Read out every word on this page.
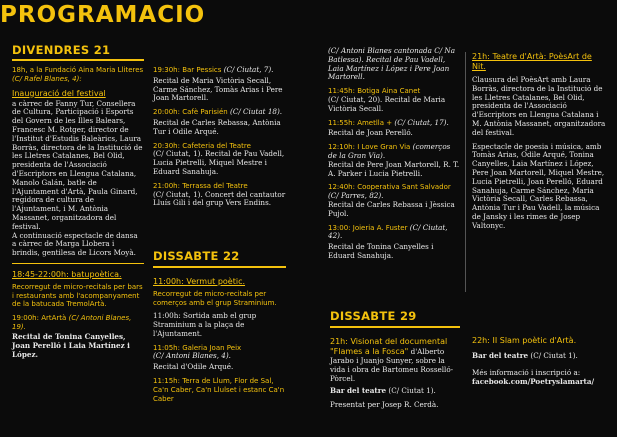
PROGRAMACIO
DIVENDRES 21

18h, a la Fundació Aina Maria Lliteres
(C/ Rafel Blanes, 4):

Inauguració del festival

a càrrec de Fanny Tur, Consellera de Cultura, Participació i Esports del Govern de les Illes Balears, Francesc M. Rotger, director de l'Institut d'Estudis Baleàrics, Laura Borràs, directora de la Institució de les Lletres Catalanes, Bel Olid, presidenta de l'Associació d'Escriptors en Llengua Catalana, Manolo Galán, batle de l'Ajuntament d'Artà, Paula Ginard, regidora de cultura de l'Ajuntament, i M. Antònia Massanet, organitzadora del festival.

A continuació espectacle de dansa a càrrec de Marga Llobera i brindis, gentilesa de Licors Moyà.

18:45-22:00h: batupoètica.

Recorregut de micro-recitals per bars i restaurants amb l'acompanyament de la batucada TremolArtà.

19:00h: ArtArtà (C/ Antoni Blanes, 19).

Recital de Tonina Canyelles, Joan Perelló i Laia Martínez i López.

19:30h: Bar Pessics (C/ Ciutat, 7).

Recital de Maria Victòria Secall, Carme Sánchez, Tomàs Arias i Pere Joan Martorell.

20:00h: Cafè Parisién (C/ Ciutat 18).

Recital de Carles Rebassa, Antònia Tur i Odile Arqué.

20:30h: Cafeteria del Teatre

(C/ Ciutat, 1). Recital de Pau Vadell, Lucia Pietrelli, Miquel Mestre i Eduard Sanahuja.

21:00h: Terrassa del Teatre

(C/ Ciutat, 1). Concert del cantautor Lluís Gili i del grup Vers Endins.

DISSABTE 22

11:00h: Vermut poètic.

Recorregut de micro-recitals per comerços amb el grup Straminium.

11:00h: Sortida amb el grup Straminium a la plaça de l'Ajuntament.

11:05h: Galeria Joan Peix
(C/ Antoni Blanes, 4).

Recital d'Odile Arqué.

11:15h: Terra de Llum, Flor de Sal, Ca'n Caber, Ca'n Llulset i estanc Ca'n Caber

(C/ Antoni Blanes cantonada C/ Na Batlessa). Recital de Pau Vadell, Laia Martínez i López i Pere Joan Martorell.

11:45h: Botiga Aina Canet

(C/ Ciutat, 20). Recital de Maria Victòria Secall.

11:55h: Ametlla + (C/ Ciutat, 17).

Recital de Joan Perelló.

12:10h: I Love Gran Via (comerços de la Gran Via).

Recital de Pere Joan Martorell, R. T. A. Parker i Lucia Pietrelli.

12:40h: Cooperativa Sant Salvador (C/ Parres, 82).

Recital de Carles Rebassa i Jèssica Pujol.

13:00: Joieria A. Fuster (C/ Ciutat, 42).

Recital de Tonina Canyelles i Eduard Sanahuja.

DISSABTE 29

21h: Visionat del documental "Flames a la Fosca" d'Alberto Jarabo i Juanjo Sunyer, sobre la vida i obra de Bartomeu Rosselló-Pòrcel.

Bar del teatre (C/ Ciutat 1).

Presentat per Josep R. Cerdà.

21h: Teatre d'Artà: PoèsArt de Nit.

Clausura del PoèsArt amb Laura Borràs, directora de la Institució de les Lletres Catalanes, Bel Olid, presidenta de l'Associació d'Escriptors en Llengua Catalana i M. Antònia Massanet, organitzadora del festival.

Espectacle de poesia i música, amb Tomàs Arias, Odile Arqué, Tonina Canyelles, Laia Martínez i López, Pere Joan Martorell, Miquel Mestre, Lucia Pietrelli, Joan Perelló, Eduard Sanahuja, Carme Sánchez, Maria Victòria Secall, Carles Rebassa, Antònia Tur i Pau Vadell, la música de Jansky i les rimes de Josep Valtonyc.

22h: II Slam poètic d'Artà.

Bar del teatre (C/ Ciutat 1).

Més informació i inscripció a:

facebook.com/Poetryslamarta/
